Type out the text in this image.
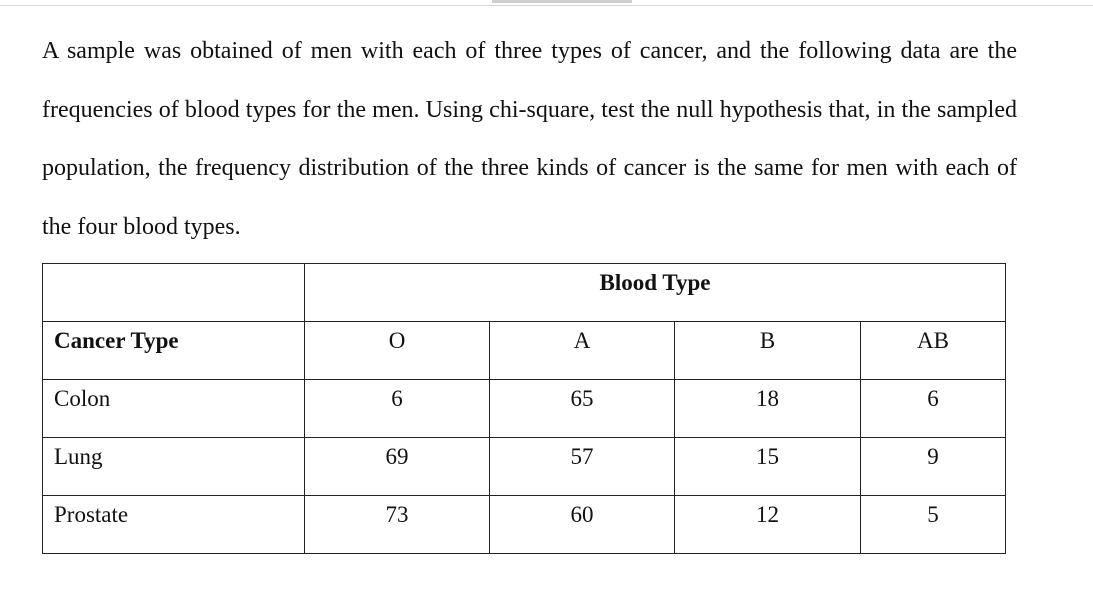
A sample was obtained of men with each of three types of cancer, and the following data are the frequencies of blood types for the men. Using chi-square, test the null hypothesis that, in the sampled population, the frequency distribution of the three kinds of cancer is the same for men with each of the four blood types.

	Blood Type			
Cancer Type	O	A	B	AB
Colon	6	65	18	6
Lung	69	57	15	9
Prostate	73	60	12	5
